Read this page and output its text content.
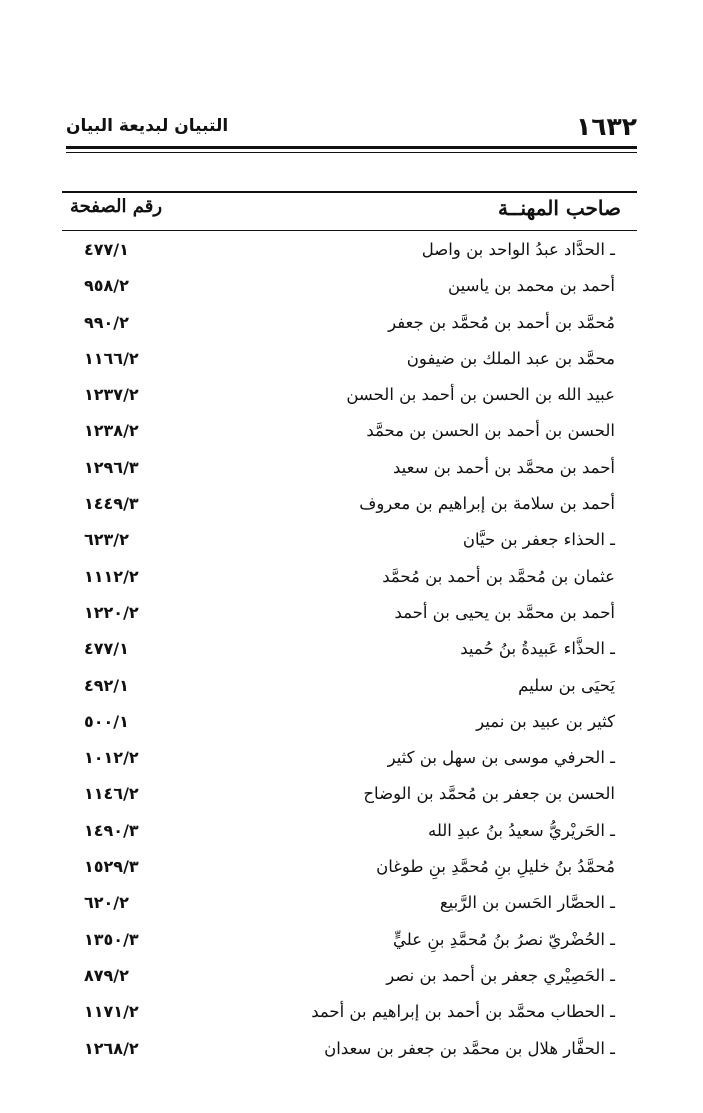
١٦٣٢
التبيان لبديعة البيان
صاحب المهنــة
رقم الصفحة
ـ الحدَّاد عبدُ الواحد بن واصل
٤٧٧/١
أحمد بن محمد بن ياسين
٩٥٨/٢
مُحمَّد بن أحمد بن مُحمَّد بن جعفر
٩٩٠/٢
محمَّد بن عبد الملك بن ضيفون
١١٦٦/٢
عبيد الله بن الحسن بن أحمد بن الحسن
١٢٣٧/٢
الحسن بن أحمد بن الحسن بن محمَّد
١٢٣٨/٢
أحمد بن محمَّد بن أحمد بن سعيد
١٢٩٦/٣
أحمد بن سلامة بن إبراهيم بن معروف
١٤٤٩/٣
ـ الحذاء جعفر بن حيَّان
٦٢٣/٢
عثمان بن مُحمَّد بن أحمد بن مُحمَّد
١١١٢/٢
أحمد بن محمَّد بن يحيى بن أحمد
١٢٢٠/٢
ـ الحذَّاء عَبيدةُ بنُ حُميد
٤٧٧/١
يَحيَى بن سليم
٤٩٢/١
كثير بن عبيد بن نمير
٥٠٠/١
ـ الحرفي موسى بن سهل بن كثير
١٠١٢/٢
الحسن بن جعفر بن مُحمَّد بن الوضاح
١١٤٦/٢
ـ الحَريْريُّ سعيدُ بنُ عبدِ الله
١٤٩٠/٣
مُحمَّدُ بنُ خليلِ بنِ مُحمَّدِ بنِ طوغان
١٥٢٩/٣
ـ الحصَّار الحَسن بن الرَّبيع
٦٢٠/٢
ـ الحُضْريّ نصرُ بنُ مُحمَّدِ بنِ عليٍّ
١٣٥٠/٣
ـ الحَصِيْري جعفر بن أحمد بن نصر
٨٧٩/٢
ـ الحطاب محمَّد بن أحمد بن إبراهيم بن أحمد
١١٧١/٢
ـ الحفَّار هلال بن محمَّد بن جعفر بن سعدان
١٢٦٨/٢
